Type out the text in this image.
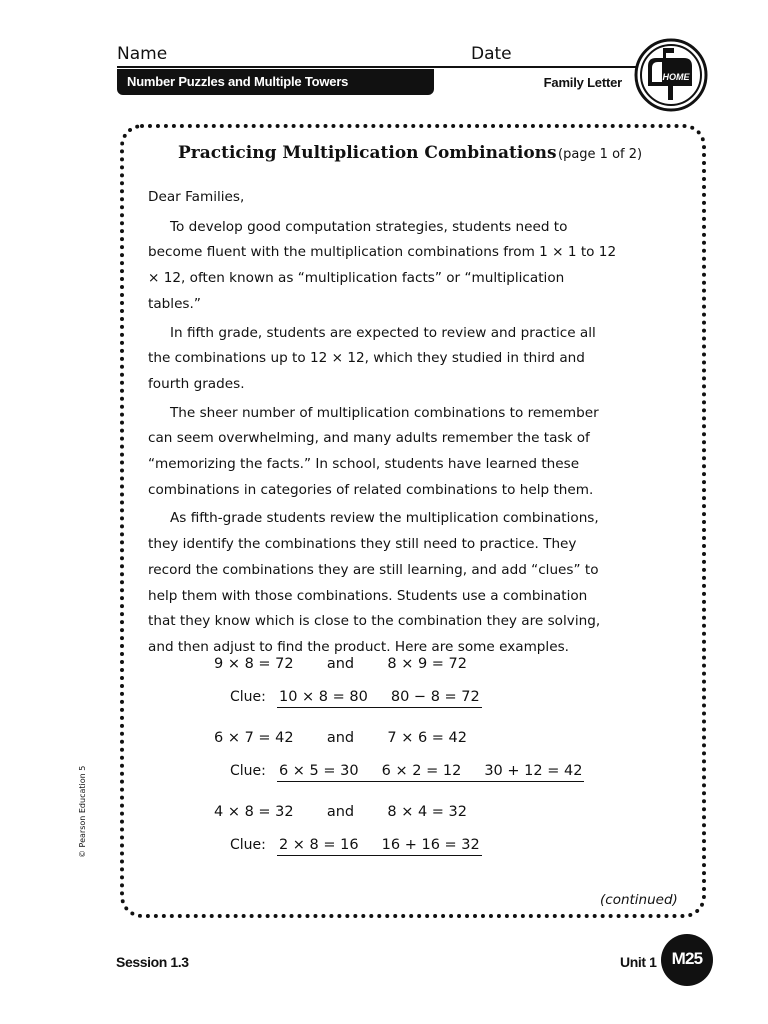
Name	Date
Number Puzzles and Multiple Towers	Family Letter	HOME
Practicing Multiplication Combinations (page 1 of 2)

Dear Families,

To develop good computation strategies, students need to become fluent with the multiplication combinations from 1 × 1 to 12 × 12, often known as “multiplication facts” or “multiplication tables.”

In fifth grade, students are expected to review and practice all the combinations up to 12 × 12, which they studied in third and fourth grades.

The sheer number of multiplication combinations to remember can seem overwhelming, and many adults remember the task of “memorizing the facts.” In school, students have learned these combinations in categories of related combinations to help them.

As fifth-grade students review the multiplication combinations, they identify the combinations they still need to practice. They record the combinations they are still learning, and add “clues” to help them with those combinations. Students use a combination that they know which is close to the combination they are solving, and then adjust to find the product. Here are some examples.

9 × 8 = 72 and 8 × 9 = 72
Clue: 10 × 8 = 80     80 − 8 = 72
6 × 7 = 42 and 7 × 6 = 42
Clue: 6 × 5 = 30     6 × 2 = 12     30 + 12 = 42
4 × 8 = 32 and 8 × 4 = 32
Clue: 2 × 8 = 16     16 + 16 = 32
(continued)
© Pearson Education 5
Session 1.3	Unit 1 M25
